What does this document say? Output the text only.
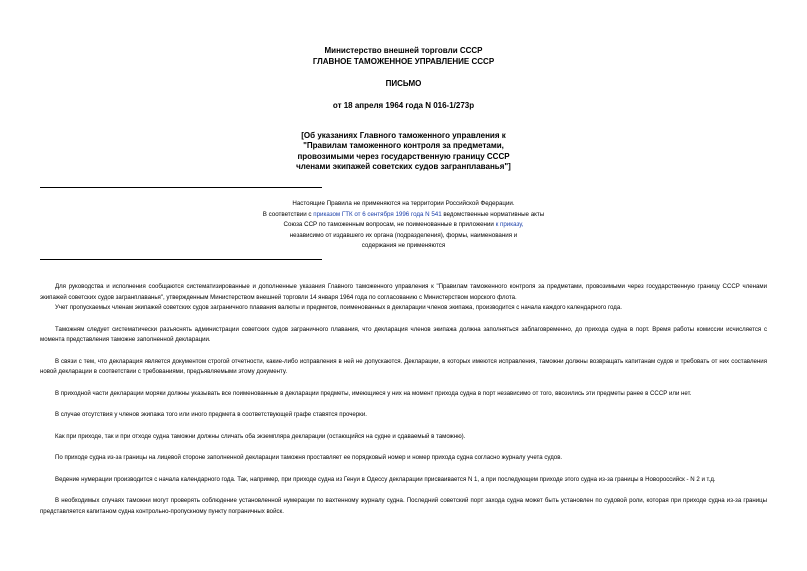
Министерство внешней торговли СССР
ГЛАВНОЕ ТАМОЖЕННОЕ УПРАВЛЕНИЕ СССР
ПИСЬМО
от 18 апреля 1964 года N 016-1/273р
[Об указаниях Главного таможенного управления к
"Правилам таможенного контроля за предметами,
провозимыми через государственную границу СССР
членами экипажей советских судов загранплаванья"]
Настоящие Правила не применяются на территории Российской Федерации.
В соответствии с приказом ГТК от 6 сентября 1996 года N 541 ведомственные нормативные акты
Союза ССР по таможенным вопросам, не поименованные в приложении к приказу,
независимо от издавшего их органа (подразделения), формы, наименования и
содержания не применяются

Для руководства и исполнения сообщаются систематизированные и дополненные указания Главного таможенного управления к "Правилам таможенного контроля за предметами, провозимыми через государственную границу СССР членами экипажей советских судов загранплаванья", утвержденным Министерством внешней торговли 14 января 1964 года по согласованию с Министерством морского флота.

Учет пропускаемых членам экипажей советских судов заграничного плавания валюты и предметов, поименованных в декларации членов экипажа, производится с начала каждого календарного года.

Таможням следует систематически разъяснять администрации советских судов заграничного плавания, что декларация членов экипажа должна заполняться заблаговременно, до прихода судна в порт. Время работы комиссии исчисляется с момента представления таможне заполненной декларации.

В связи с тем, что декларация является документом строгой отчетности, какие-либо исправления в ней не допускаются. Декларации, в которых имеются исправления, таможни должны возвращать капитанам судов и требовать от них составления новой декларации в соответствии с требованиями, предъявляемыми этому документу.

В приходной части декларации моряки должны указывать все поименованные в декларации предметы, имеющиеся у них на момент прихода судна в порт независимо от того, ввозились эти предметы ранее в СССР или нет.

В случае отсутствия у членов экипажа того или иного предмета в соответствующей графе ставятся прочерки.

Как при приходе, так и при отходе судна таможни должны сличать оба экземпляра декларации (остающийся на судне и сдаваемый в таможню).

По приходе судна из-за границы на лицевой стороне заполненной декларации таможня проставляет ее порядковый номер и номер прихода судна согласно журналу учета судов.

Ведение нумерации производится с начала календарного года. Так, например, при приходе судна из Генуи в Одессу декларации присваивается N 1, а при последующем приходе этого судна из-за границы в Новороссийск - N 2 и т.д.

В необходимых случаях таможни могут проверять соблюдение установленной нумерации по вахтенному журналу судна. Последний советский порт захода судна может быть установлен по судовой роли, которая при приходе судна из-за границы представляется капитаном судна контрольно-пропускному пункту пограничных войск.
